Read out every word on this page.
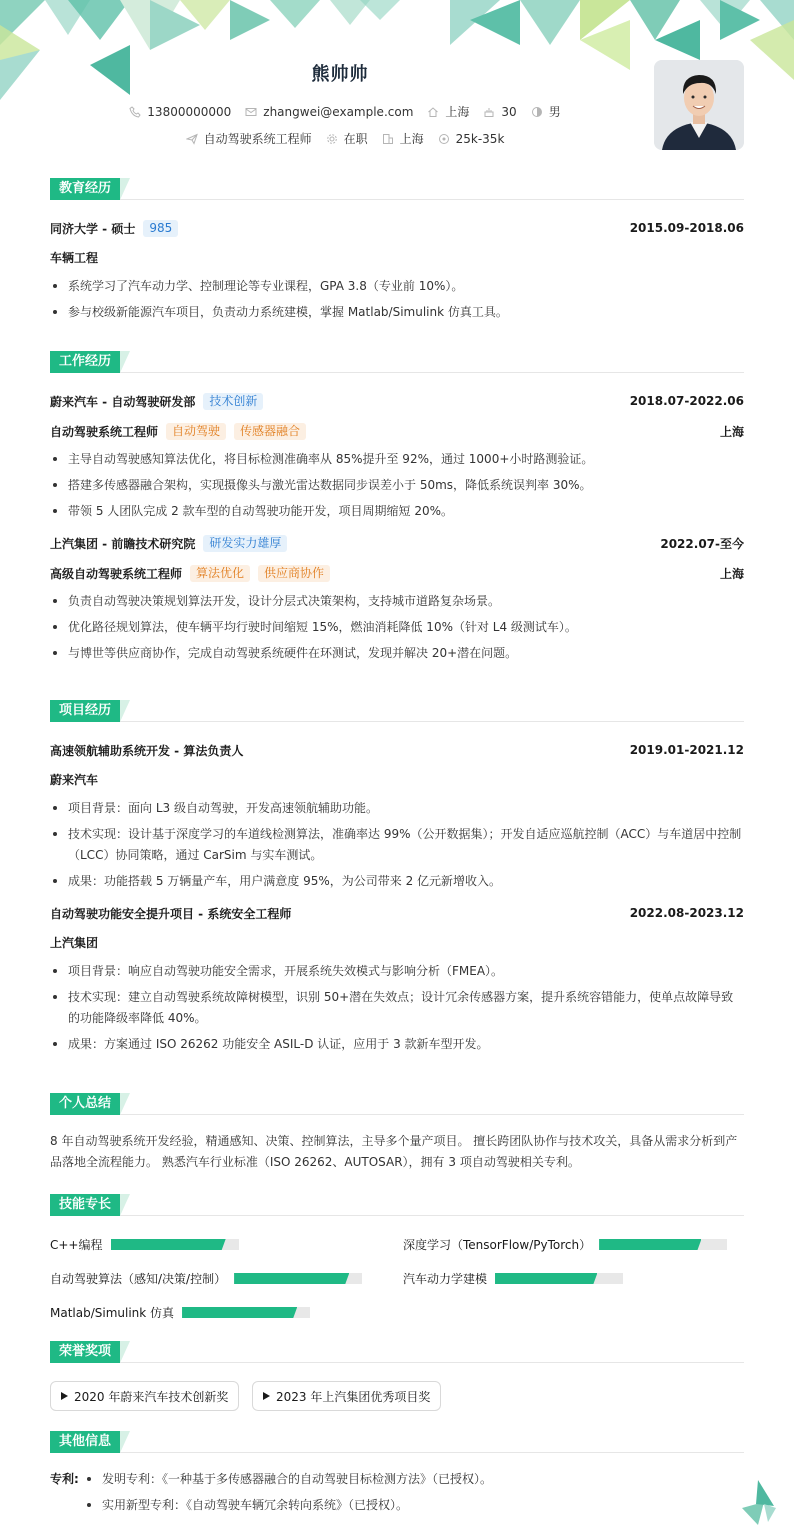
熊帅帅
13800000000	zhangwei@example.com	上海	30	男
自动驾驶系统工程师	在职	上海	25k-35k
教育经历
同济大学 - 硕士	985	2015.09-2018.06
车辆工程
系统学习了汽车动力学、控制理论等专业课程，GPA 3.8（专业前 10%）。
参与校级新能源汽车项目，负责动力系统建模，掌握 Matlab/Simulink 仿真工具。
工作经历
蔚来汽车 - 自动驾驶研发部	技术创新	2018.07-2022.06
自动驾驶系统工程师	自动驾驶	传感器融合	上海
主导自动驾驶感知算法优化，将目标检测准确率从 85%提升至 92%，通过 1000+小时路测验证。
搭建多传感器融合架构，实现摄像头与激光雷达数据同步误差小于 50ms，降低系统误判率 30%。
带领 5 人团队完成 2 款车型的自动驾驶功能开发，项目周期缩短 20%。
上汽集团 - 前瞻技术研究院	研发实力雄厚	2022.07-至今
高级自动驾驶系统工程师	算法优化	供应商协作	上海
负责自动驾驶决策规划算法开发，设计分层式决策架构，支持城市道路复杂场景。
优化路径规划算法，使车辆平均行驶时间缩短 15%，燃油消耗降低 10%（针对 L4 级测试车）。
与博世等供应商协作，完成自动驾驶系统硬件在环测试，发现并解决 20+潜在问题。
项目经历
高速领航辅助系统开发 - 算法负责人	2019.01-2021.12
蔚来汽车
项目背景：面向 L3 级自动驾驶，开发高速领航辅助功能。
技术实现：设计基于深度学习的车道线检测算法，准确率达 99%（公开数据集）；开发自适应巡航控制（ACC）与车道居中控制（LCC）协同策略，通过 CarSim 与实车测试。
成果：功能搭载 5 万辆量产车，用户满意度 95%，为公司带来 2 亿元新增收入。
自动驾驶功能安全提升项目 - 系统安全工程师	2022.08-2023.12
上汽集团
项目背景：响应自动驾驶功能安全需求，开展系统失效模式与影响分析（FMEA）。
技术实现：建立自动驾驶系统故障树模型，识别 50+潜在失效点；设计冗余传感器方案，提升系统容错能力，使单点故障导致的功能降级率降低 40%。
成果：方案通过 ISO 26262 功能安全 ASIL-D 认证，应用于 3 款新车型开发。
个人总结
8 年自动驾驶系统开发经验，精通感知、决策、控制算法，主导多个量产项目。 擅长跨团队协作与技术攻关，具备从需求分析到产品落地全流程能力。 熟悉汽车行业标准（ISO 26262、AUTOSAR），拥有 3 项自动驾驶相关专利。
技能专长
C++编程	深度学习（TensorFlow/PyTorch）
自动驾驶算法（感知/决策/控制）	汽车动力学建模
Matlab/Simulink 仿真
荣誉奖项
2020 年蔚来汽车技术创新奖	2023 年上汽集团优秀项目奖
其他信息
专利:	发明专利：《一种基于多传感器融合的自动驾驶目标检测方法》（已授权）。
实用新型专利：《自动驾驶车辆冗余转向系统》（已授权）。
